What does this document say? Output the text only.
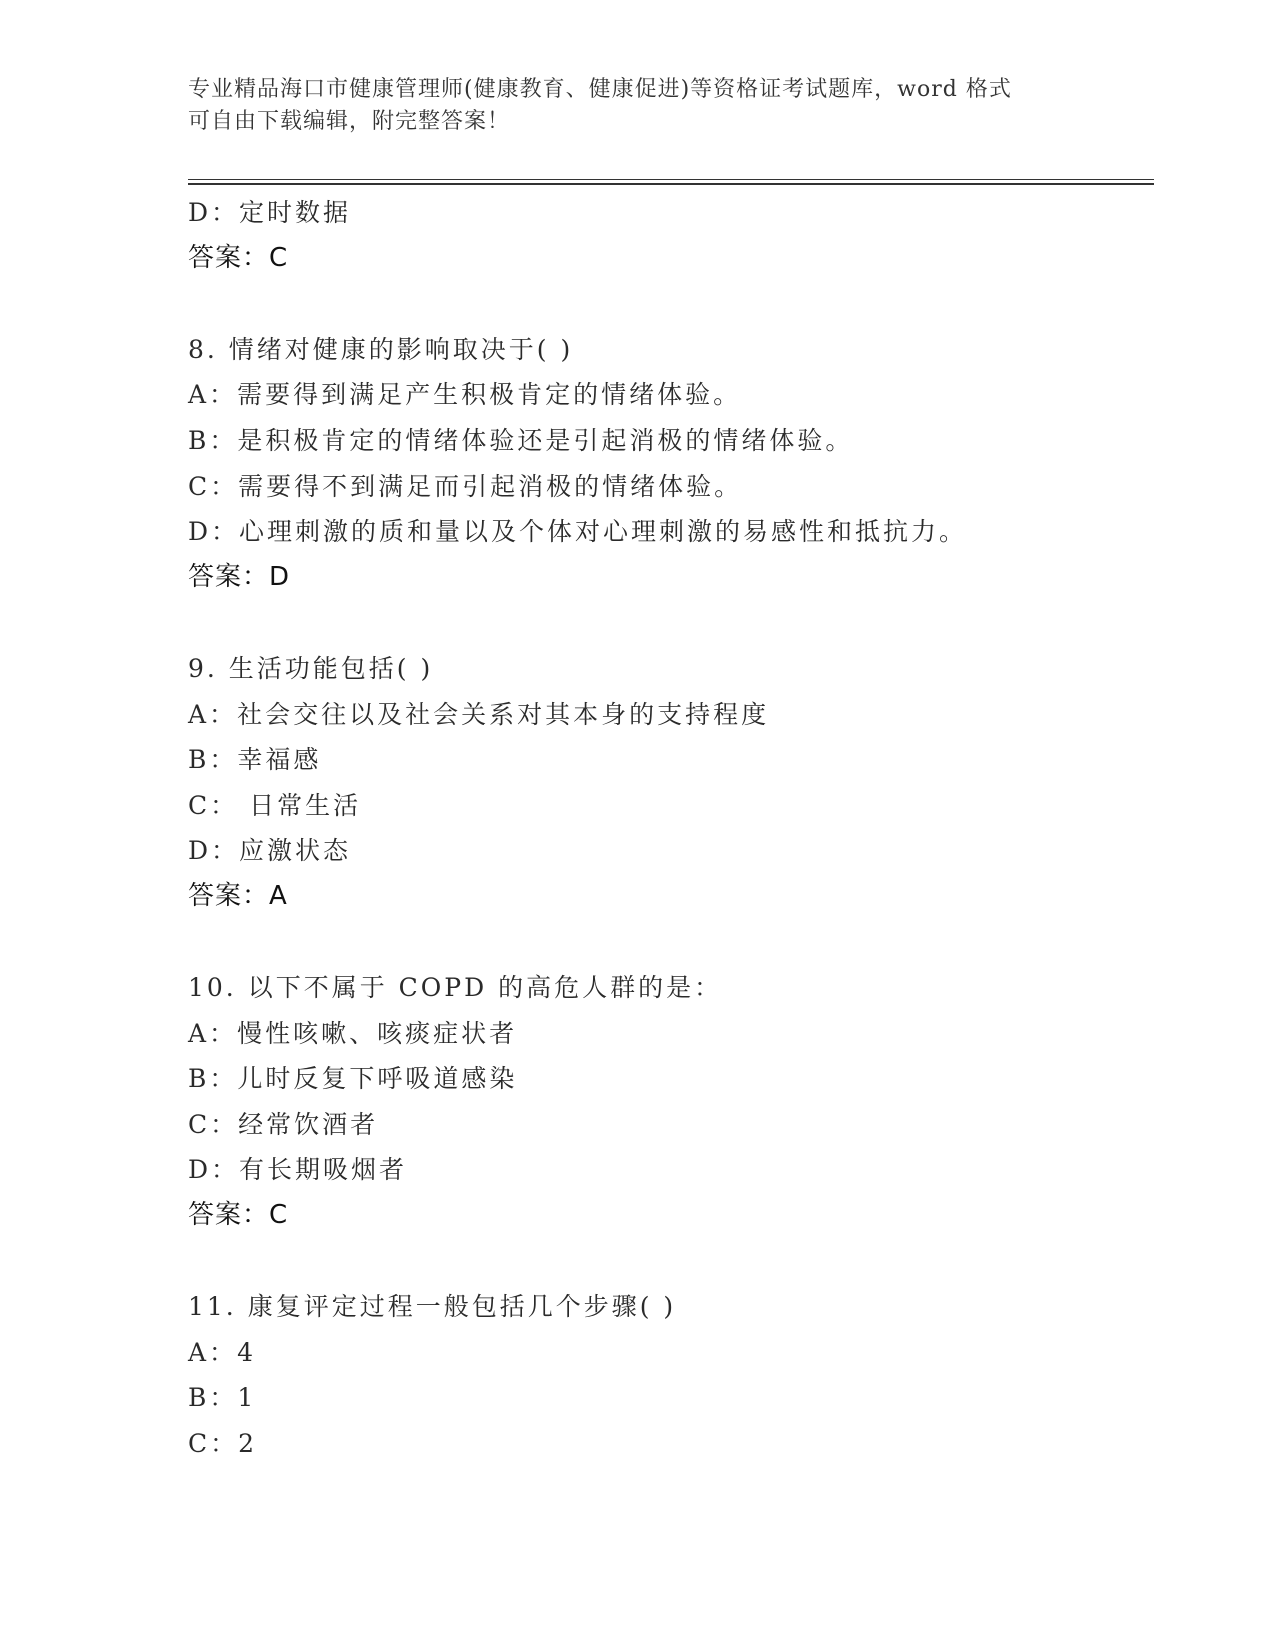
专业精品海口市健康管理师(健康教育、健康促进)等资格证考试题库，word 格式
可自由下载编辑，附完整答案！
D：定时数据
答案：C
8. 情绪对健康的影响取决于( )
A：需要得到满足产生积极肯定的情绪体验。
B：是积极肯定的情绪体验还是引起消极的情绪体验。
C：需要得不到满足而引起消极的情绪体验。
D：心理刺激的质和量以及个体对心理刺激的易感性和抵抗力。
答案：D
9. 生活功能包括( )
A：社会交往以及社会关系对其本身的支持程度
B：幸福感
C： 日常生活
D：应激状态
答案：A
10. 以下不属于 COPD 的高危人群的是：
A：慢性咳嗽、咳痰症状者
B：儿时反复下呼吸道感染
C：经常饮酒者
D：有长期吸烟者
答案：C
11. 康复评定过程一般包括几个步骤( )
A：4
B：1
C：2
